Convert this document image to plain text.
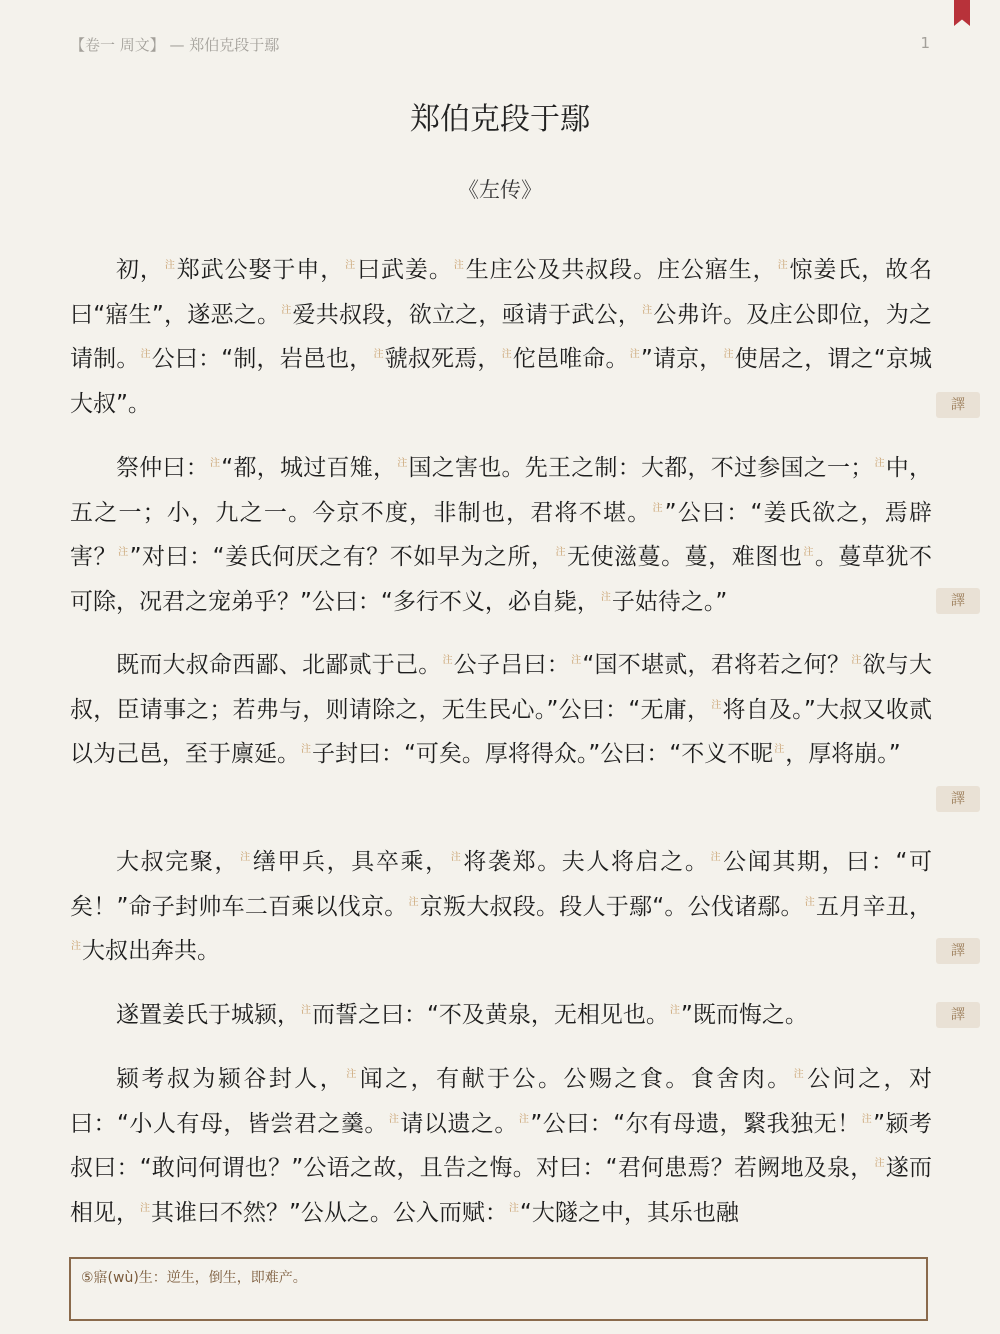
【卷一 周文】 — 郑伯克段于鄢	1
郑伯克段于鄢
《左传》
初，$^注$郑武公娶于申，$^注$曰武姜。$^注$生庄公及共叔段。庄公寤生，$^注$惊姜氏，故名曰“寤生”，遂恶之。$^注$爱共叔段，欲立之，亟请于武公，$^注$公弗许。及庄公即位，为之请制。$^注$公曰：“制，岩邑也，$^注$虢叔死焉，$^注$佗邑唯命。$^注$”请京，$^注$使居之，谓之“京城大叔”。
祭仲曰：$^注$“都，城过百雉，$^注$国之害也。先王之制：大都，不过参国之一；$^注$中，五之一；小，九之一。今京不度，非制也，君将不堪。$^注$”公曰：“姜氏欲之，焉辟害？$^注$”对曰：“姜氏何厌之有？不如早为之所，$^注$无使滋蔓。蔓，难图也$^注$。蔓草犹不可除，况君之宠弟乎？”公曰：“多行不义，必自毙，$^注$子姑待之。”
既而大叔命西鄙、北鄙贰于己。$^注$公子吕曰：$^注$“国不堪贰，君将若之何？$^注$欲与大叔，臣请事之；若弗与，则请除之，无生民心。”公曰：“无庸，$^注$将自及。”大叔又收贰以为己邑，至于廪延。$^注$子封曰：“可矣。厚将得众。”公曰：“不义不昵$^注$，厚将崩。”
大叔完聚，$^注$缮甲兵，具卒乘，$^注$将袭郑。夫人将启之。$^注$公闻其期，曰：“可矣！”命子封帅车二百乘以伐京。$^注$京叛大叔段。段人于鄢“。公伐诸鄢。$^注$五月辛丑，$^注$大叔出奔共。
遂置姜氏于城颍，$^注$而誓之曰：“不及黄泉，无相见也。$^注$”既而悔之。
颍考叔为颍谷封人，$^注$闻之，有献于公。公赐之食。食舍肉。$^注$公问之，对曰：“小人有母，皆尝君之羹。$^注$请以遗之。$^注$”公曰：“尔有母遗，繄我独无！$^注$”颍考叔曰：“敢问何谓也？”公语之故，且告之悔。对曰：“君何患焉？若阙地及泉，$^注$遂而相见，$^注$其谁曰不然？”公从之。公入而赋：$^注$“大隧之中，其乐也融
譯
譯
譯
譯
譯
⑤寤(wù)生：逆生，倒生，即难产。
